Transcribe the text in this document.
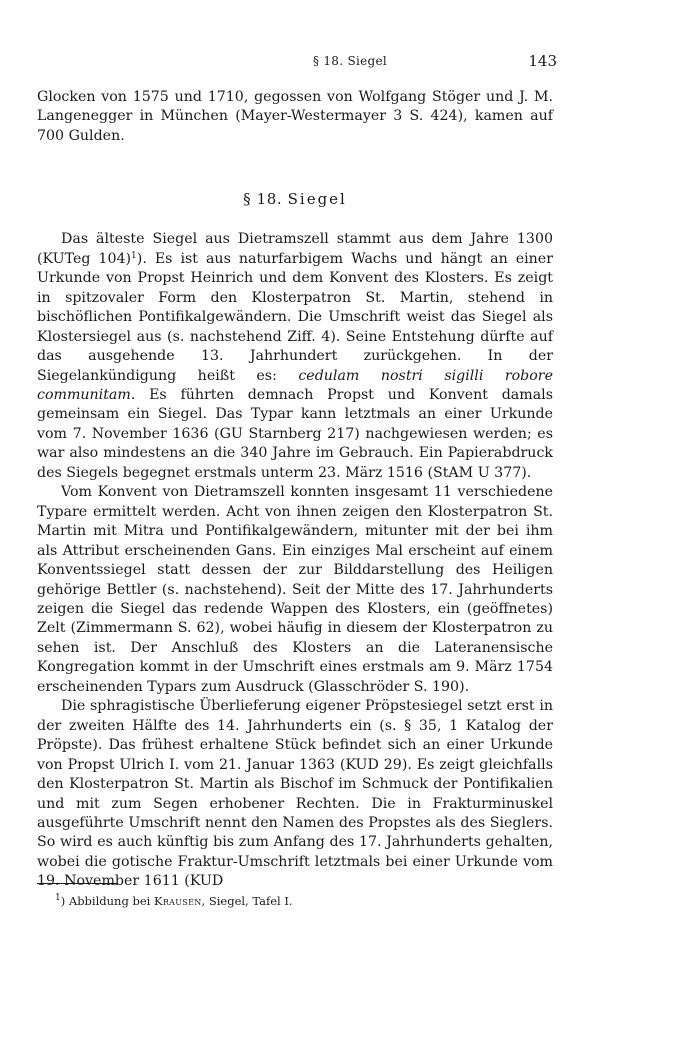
§ 18. Siegel	143

Glocken von 1575 und 1710, gegossen von Wolfgang Stöger und J. M. Langenegger in München (Mayer-Westermayer 3 S. 424), kamen auf 700 Gulden.

§ 18. Siegel

Das älteste Siegel aus Dietramszell stammt aus dem Jahre 1300 (KUTeg 104)$^1$). Es ist aus naturfarbigem Wachs und hängt an einer Urkunde von Propst Heinrich und dem Konvent des Klosters. Es zeigt in spitzovaler Form den Klosterpatron St. Martin, stehend in bischöflichen Pontifikalgewändern. Die Umschrift weist das Siegel als Klostersiegel aus (s. nachstehend Ziff. 4). Seine Entstehung dürfte auf das ausgehende 13. Jahrhundert zurückgehen. In der Siegelankündigung heißt es: cedulam nostri sigilli robore communitam. Es führten demnach Propst und Konvent damals gemeinsam ein Siegel. Das Typar kann letztmals an einer Urkunde vom 7. November 1636 (GU Starnberg 217) nachgewiesen werden; es war also mindestens an die 340 Jahre im Gebrauch. Ein Papierabdruck des Siegels begegnet erstmals unterm 23. März 1516 (StAM U 377).

Vom Konvent von Dietramszell konnten insgesamt 11 verschiedene Typare ermittelt werden. Acht von ihnen zeigen den Klosterpatron St. Martin mit Mitra und Pontifikalgewändern, mitunter mit der bei ihm als Attribut erscheinenden Gans. Ein einziges Mal erscheint auf einem Konventssiegel statt dessen der zur Bilddarstellung des Heiligen gehörige Bettler (s. nachstehend). Seit der Mitte des 17. Jahrhunderts zeigen die Siegel das redende Wappen des Klosters, ein (geöffnetes) Zelt (Zimmermann S. 62), wobei häufig in diesem der Klosterpatron zu sehen ist. Der Anschluß des Klosters an die Lateranensische Kongregation kommt in der Umschrift eines erstmals am 9. März 1754 erscheinenden Typars zum Ausdruck (Glasschröder S. 190).

Die sphragistische Überlieferung eigener Pröpstesiegel setzt erst in der zweiten Hälfte des 14. Jahrhunderts ein (s. § 35, 1 Katalog der Pröpste). Das frühest erhaltene Stück befindet sich an einer Urkunde von Propst Ulrich I. vom 21. Januar 1363 (KUD 29). Es zeigt gleichfalls den Klosterpatron St. Martin als Bischof im Schmuck der Pontifikalien und mit zum Segen erhobener Rechten. Die in Frakturminuskel ausgeführte Umschrift nennt den Namen des Propstes als des Sieglers. So wird es auch künftig bis zum Anfang des 17. Jahrhunderts gehalten, wobei die gotische Fraktur-Umschrift letztmals bei einer Urkunde vom 19. November 1611 (KUD

$^1$) Abbildung bei Krausen, Siegel, Tafel I.
